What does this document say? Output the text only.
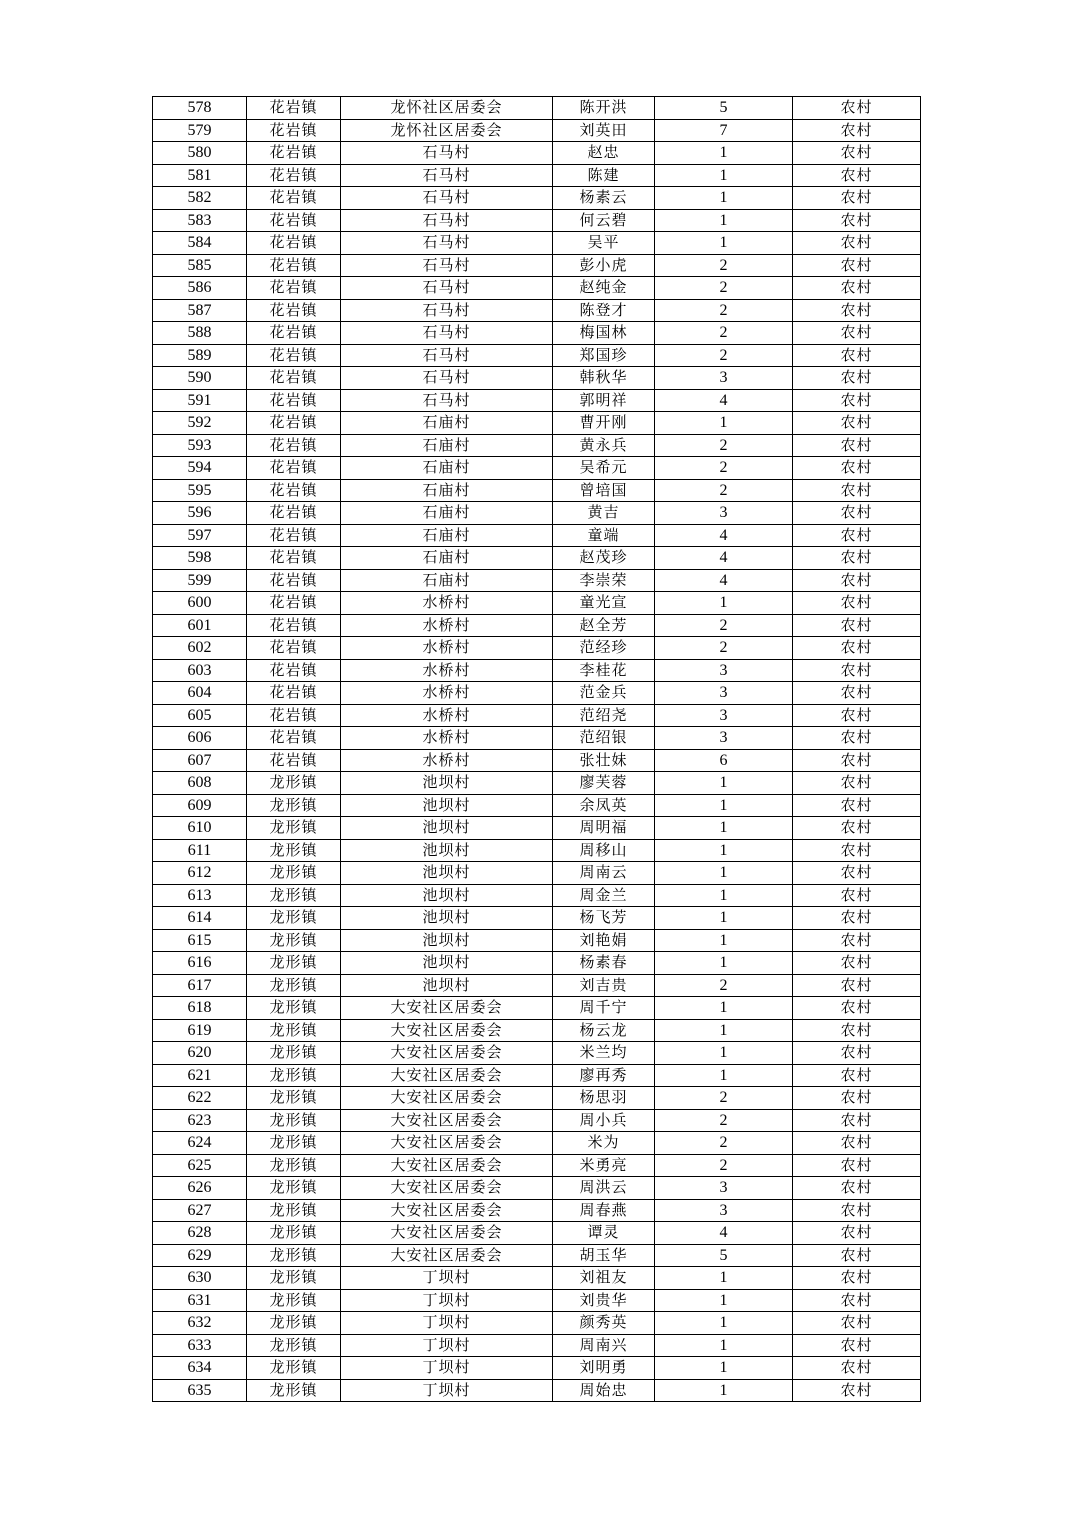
578	花岩镇	龙怀社区居委会	陈开洪	5	农村
579	花岩镇	龙怀社区居委会	刘英田	7	农村
580	花岩镇	石马村	赵忠	1	农村
581	花岩镇	石马村	陈建	1	农村
582	花岩镇	石马村	杨素云	1	农村
583	花岩镇	石马村	何云碧	1	农村
584	花岩镇	石马村	吴平	1	农村
585	花岩镇	石马村	彭小虎	2	农村
586	花岩镇	石马村	赵纯金	2	农村
587	花岩镇	石马村	陈登才	2	农村
588	花岩镇	石马村	梅国林	2	农村
589	花岩镇	石马村	郑国珍	2	农村
590	花岩镇	石马村	韩秋华	3	农村
591	花岩镇	石马村	郭明祥	4	农村
592	花岩镇	石庙村	曹开刚	1	农村
593	花岩镇	石庙村	黄永兵	2	农村
594	花岩镇	石庙村	吴希元	2	农村
595	花岩镇	石庙村	曾培国	2	农村
596	花岩镇	石庙村	黄吉	3	农村
597	花岩镇	石庙村	童端	4	农村
598	花岩镇	石庙村	赵茂珍	4	农村
599	花岩镇	石庙村	李崇荣	4	农村
600	花岩镇	水桥村	童光宣	1	农村
601	花岩镇	水桥村	赵全芳	2	农村
602	花岩镇	水桥村	范经珍	2	农村
603	花岩镇	水桥村	李桂花	3	农村
604	花岩镇	水桥村	范金兵	3	农村
605	花岩镇	水桥村	范绍尧	3	农村
606	花岩镇	水桥村	范绍银	3	农村
607	花岩镇	水桥村	张壮妹	6	农村
608	龙形镇	池坝村	廖芙蓉	1	农村
609	龙形镇	池坝村	余凤英	1	农村
610	龙形镇	池坝村	周明福	1	农村
611	龙形镇	池坝村	周移山	1	农村
612	龙形镇	池坝村	周南云	1	农村
613	龙形镇	池坝村	周金兰	1	农村
614	龙形镇	池坝村	杨飞芳	1	农村
615	龙形镇	池坝村	刘艳娟	1	农村
616	龙形镇	池坝村	杨素春	1	农村
617	龙形镇	池坝村	刘吉贵	2	农村
618	龙形镇	大安社区居委会	周千宁	1	农村
619	龙形镇	大安社区居委会	杨云龙	1	农村
620	龙形镇	大安社区居委会	米兰均	1	农村
621	龙形镇	大安社区居委会	廖再秀	1	农村
622	龙形镇	大安社区居委会	杨思羽	2	农村
623	龙形镇	大安社区居委会	周小兵	2	农村
624	龙形镇	大安社区居委会	米为	2	农村
625	龙形镇	大安社区居委会	米勇亮	2	农村
626	龙形镇	大安社区居委会	周洪云	3	农村
627	龙形镇	大安社区居委会	周春燕	3	农村
628	龙形镇	大安社区居委会	谭灵	4	农村
629	龙形镇	大安社区居委会	胡玉华	5	农村
630	龙形镇	丁坝村	刘祖友	1	农村
631	龙形镇	丁坝村	刘贵华	1	农村
632	龙形镇	丁坝村	颜秀英	1	农村
633	龙形镇	丁坝村	周南兴	1	农村
634	龙形镇	丁坝村	刘明勇	1	农村
635	龙形镇	丁坝村	周始忠	1	农村
